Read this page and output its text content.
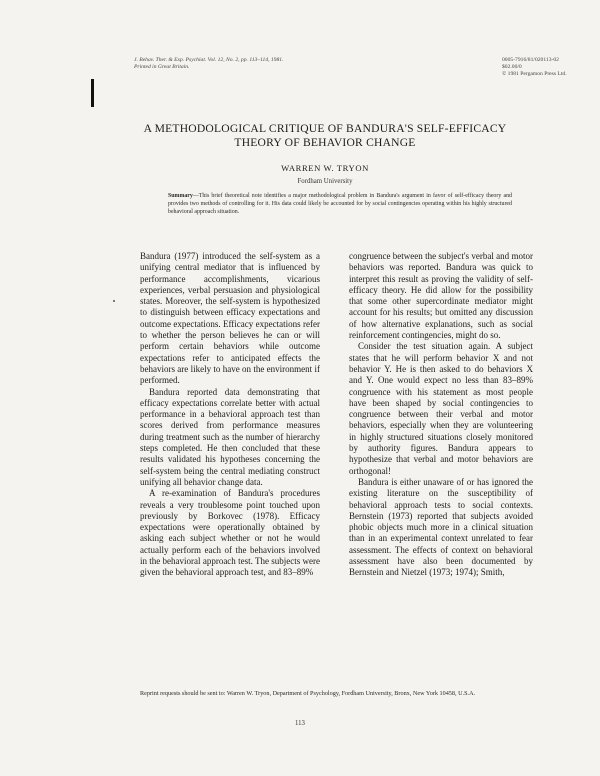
J. Behav. Ther. & Exp. Psychiat. Vol. 12, No. 2, pp. 113–114, 1981.
Printed in Great Britain.
0005-7916/81/020113-02 $02.00/0
© 1981 Pergamon Press Ltd.
A METHODOLOGICAL CRITIQUE OF BANDURA'S SELF-EFFICACY
THEORY OF BEHAVIOR CHANGE
WARREN W. TRYON
Fordham University
Summary—This brief theoretical note identifies a major methodological problem in Bandura's argument in favor of self-efficacy theory and provides two methods of controlling for it. His data could likely be accounted for by social contingencies operating within his highly structured behavioral approach situation.

Bandura (1977) introduced the self-system as a unifying central mediator that is influenced by performance accomplishments, vicarious experiences, verbal persuasion and physiological states. Moreover, the self-system is hypothesized to distinguish between efficacy expectations and outcome expectations. Efficacy expectations refer to whether the person believes he can or will perform certain behaviors while outcome expectations refer to anticipated effects the behaviors are likely to have on the environment if performed.

Bandura reported data demonstrating that efficacy expectations correlate better with actual performance in a behavioral approach test than scores derived from performance measures during treatment such as the number of hierarchy steps completed. He then concluded that these results validated his hypotheses concerning the self-system being the central mediating construct unifying all behavior change data.

A re-examination of Bandura's procedures reveals a very troublesome point touched upon previously by Borkovec (1978). Efficacy expectations were operationally obtained by asking each subject whether or not he would actually perform each of the behaviors involved in the behavioral approach test. The subjects were given the behavioral approach test, and 83–89%

congruence between the subject's verbal and motor behaviors was reported. Bandura was quick to interpret this result as proving the validity of self-efficacy theory. He did allow for the possibility that some other supercordinate mediator might account for his results; but omitted any discussion of how alternative explanations, such as social reinforcement contingencies, might do so.

Consider the test situation again. A subject states that he will perform behavior X and not behavior Y. He is then asked to do behaviors X and Y. One would expect no less than 83–89% congruence with his statement as most people have been shaped by social contingencies to congruence between their verbal and motor behaviors, especially when they are volunteering in highly structured situations closely monitored by authority figures. Bandura appears to hypothesize that verbal and motor behaviors are orthogonal!

Bandura is either unaware of or has ignored the existing literature on the susceptibility of behavioral approach tests to social contexts. Bernstein (1973) reported that subjects avoided phobic objects much more in a clinical situation than in an experimental context unrelated to fear assessment. The effects of context on behavioral assessment have also been documented by Bernstein and Nietzel (1973; 1974); Smith,

Reprint requests should be sent to: Warren W. Tryon, Department of Psychology, Fordham University, Bronx, New York 10458, U.S.A.
113
